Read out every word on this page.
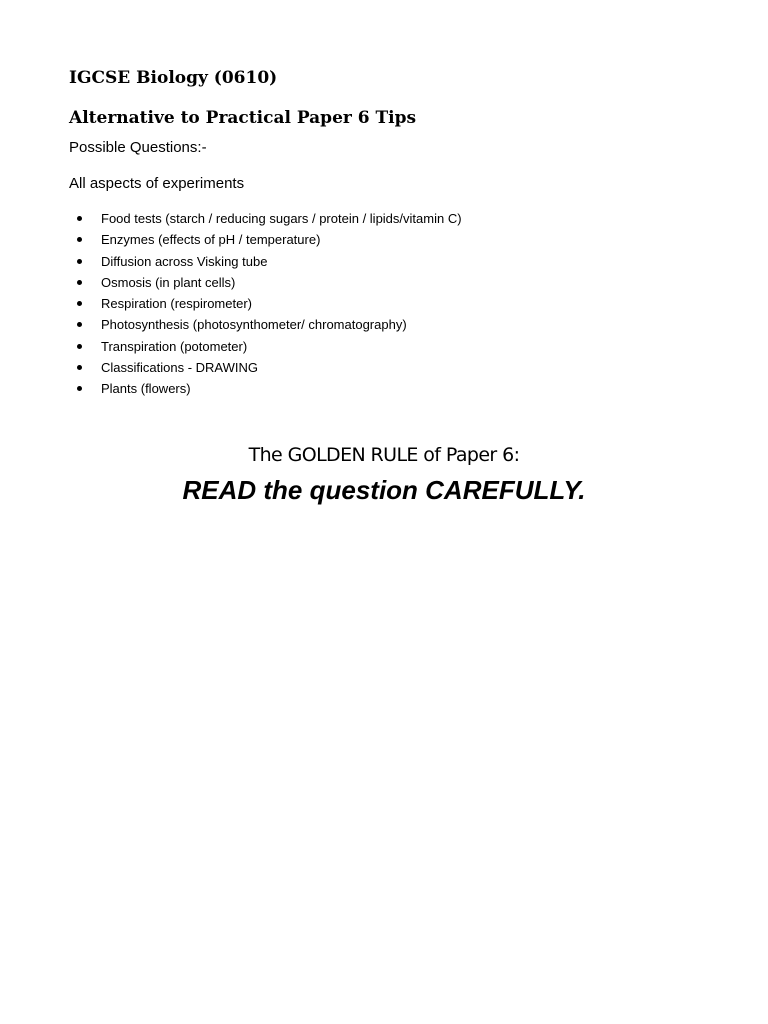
IGCSE Biology (0610)
Alternative to Practical Paper 6 Tips

Possible Questions:-

All aspects of experiments

Food tests (starch / reducing sugars / protein / lipids/vitamin C)
Enzymes (effects of pH / temperature)
Diffusion across Visking tube
Osmosis (in plant cells)
Respiration (respirometer)
Photosynthesis (photosynthometer/ chromatography)
Transpiration (potometer)
Classifications - DRAWING
Plants (flowers)

The GOLDEN RULE of Paper 6:

READ the question CAREFULLY.
